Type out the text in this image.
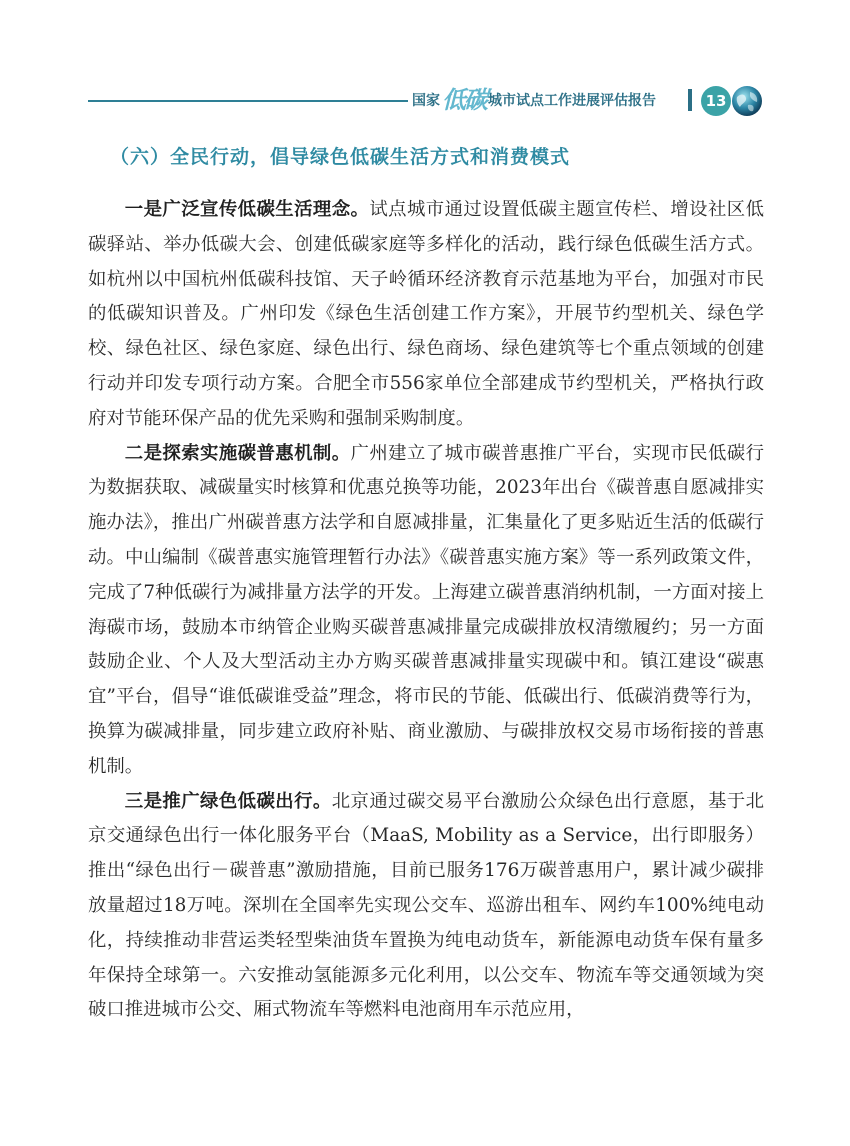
国家 低碳 城市试点工作进展评估报告	13
（六）全民行动，倡导绿色低碳生活方式和消费模式

一是广泛宣传低碳生活理念。试点城市通过设置低碳主题宣传栏、增设社区低碳驿站、举办低碳大会、创建低碳家庭等多样化的活动，践行绿色低碳生活方式。如杭州以中国杭州低碳科技馆、天子岭循环经济教育示范基地为平台，加强对市民的低碳知识普及。广州印发《绿色生活创建工作方案》，开展节约型机关、绿色学校、绿色社区、绿色家庭、绿色出行、绿色商场、绿色建筑等七个重点领域的创建行动并印发专项行动方案。合肥全市556家单位全部建成节约型机关，严格执行政府对节能环保产品的优先采购和强制采购制度。

二是探索实施碳普惠机制。广州建立了城市碳普惠推广平台，实现市民低碳行为数据获取、减碳量实时核算和优惠兑换等功能，2023年出台《碳普惠自愿减排实施办法》，推出广州碳普惠方法学和自愿减排量，汇集量化了更多贴近生活的低碳行动。中山编制《碳普惠实施管理暂行办法》《碳普惠实施方案》等一系列政策文件，完成了7种低碳行为减排量方法学的开发。上海建立碳普惠消纳机制，一方面对接上海碳市场，鼓励本市纳管企业购买碳普惠减排量完成碳排放权清缴履约；另一方面鼓励企业、个人及大型活动主办方购买碳普惠减排量实现碳中和。镇江建设“碳惠宜”平台，倡导“谁低碳谁受益”理念，将市民的节能、低碳出行、低碳消费等行为，换算为碳减排量，同步建立政府补贴、商业激励、与碳排放权交易市场衔接的普惠机制。

三是推广绿色低碳出行。北京通过碳交易平台激励公众绿色出行意愿，基于北京交通绿色出行一体化服务平台（MaaS, Mobility as a Service，出行即服务）推出“绿色出行－碳普惠”激励措施，目前已服务176万碳普惠用户，累计减少碳排放量超过18万吨。深圳在全国率先实现公交车、巡游出租车、网约车100%纯电动化，持续推动非营运类轻型柴油货车置换为纯电动货车，新能源电动货车保有量多年保持全球第一。六安推动氢能源多元化利用，以公交车、物流车等交通领域为突破口推进城市公交、厢式物流车等燃料电池商用车示范应用，
